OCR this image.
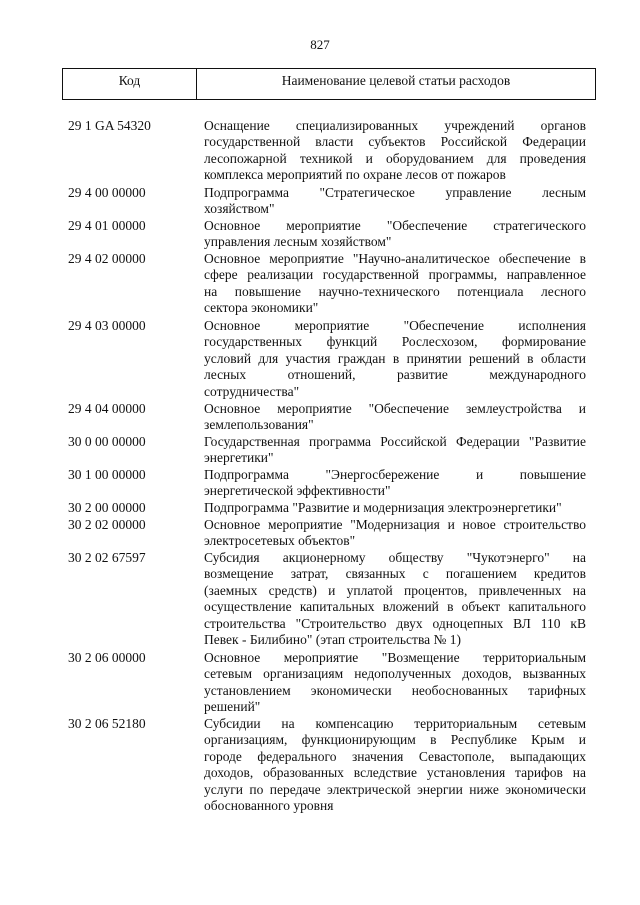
827
Код	Наименование целевой статьи расходов
29 1 GA 54320	Оснащение специализированных учреждений органов
государственной власти субъектов Российской Федерации
лесопожарной техникой и оборудованием для проведения
комплекса мероприятий по охране лесов от пожаров
29 4 00 00000	Подпрограмма "Стратегическое управление лесным
хозяйством"
29 4 01 00000	Основное мероприятие "Обеспечение стратегического
управления лесным хозяйством"
29 4 02 00000	Основное мероприятие "Научно-аналитическое обеспечение в
сфере реализации государственной программы, направленное
на повышение научно-технического потенциала лесного
сектора экономики"
29 4 03 00000	Основное мероприятие "Обеспечение исполнения
государственных функций Рослесхозом, формирование
условий для участия граждан в принятии решений в области
лесных отношений, развитие международного
сотрудничества"
29 4 04 00000	Основное мероприятие "Обеспечение землеустройства и
землепользования"
30 0 00 00000	Государственная программа Российской Федерации "Развитие
энергетики"
30 1 00 00000	Подпрограмма "Энергосбережение и повышение
энергетической эффективности"
30 2 00 00000	Подпрограмма "Развитие и модернизация электроэнергетики"
30 2 02 00000	Основное мероприятие "Модернизация и новое строительство
электросетевых объектов"
30 2 02 67597	Субсидия акционерному обществу "Чукотэнерго" на
возмещение затрат, связанных с погашением кредитов
(заемных средств) и уплатой процентов, привлеченных на
осуществление капитальных вложений в объект капитального
строительства "Строительство двух одноцепных ВЛ 110 кВ
Певек - Билибино" (этап строительства № 1)
30 2 06 00000	Основное мероприятие "Возмещение территориальным
сетевым организациям недополученных доходов, вызванных
установлением экономически необоснованных тарифных
решений"
30 2 06 52180	Субсидии на компенсацию территориальным сетевым
организациям, функционирующим в Республике Крым и
городе федерального значения Севастополе, выпадающих
доходов, образованных вследствие установления тарифов на
услуги по передаче электрической энергии ниже экономически
обоснованного уровня
